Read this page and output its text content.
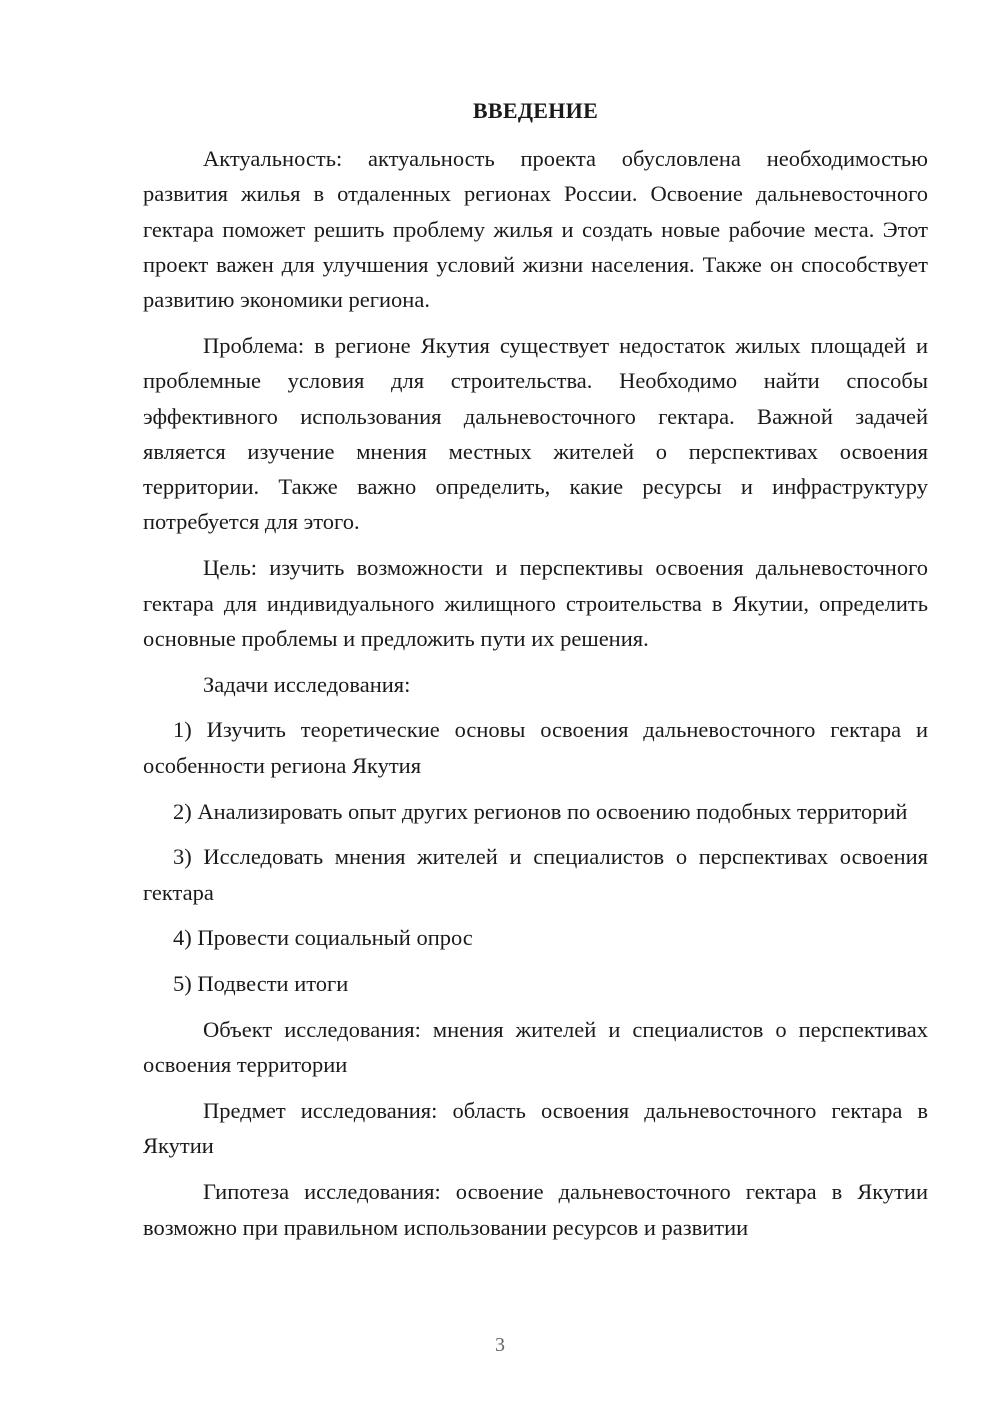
ВВЕДЕНИЕ

Актуальность: актуальность проекта обусловлена необходимостью развития жилья в отдаленных регионах России. Освоение дальневосточного гектара поможет решить проблему жилья и создать новые рабочие места. Этот проект важен для улучшения условий жизни населения. Также он способствует развитию экономики региона.

Проблема: в регионе Якутия существует недостаток жилых площадей и проблемные условия для строительства. Необходимо найти способы эффективного использования дальневосточного гектара. Важной задачей является изучение мнения местных жителей о перспективах освоения территории. Также важно определить, какие ресурсы и инфраструктуру потребуется для этого.

Цель: изучить возможности и перспективы освоения дальневосточного гектара для индивидуального жилищного строительства в Якутии, определить основные проблемы и предложить пути их решения.

Задачи исследования:

1) Изучить теоретические основы освоения дальневосточного гектара и особенности региона Якутия

2) Анализировать опыт других регионов по освоению подобных территорий

3) Исследовать мнения жителей и специалистов о перспективах освоения гектара

4) Провести социальный опрос

5) Подвести итоги

Объект исследования: мнения жителей и специалистов о перспективах освоения территории

Предмет исследования: область освоения дальневосточного гектара в Якутии

Гипотеза исследования: освоение дальневосточного гектара в Якутии возможно при правильном использовании ресурсов и развитии

3
